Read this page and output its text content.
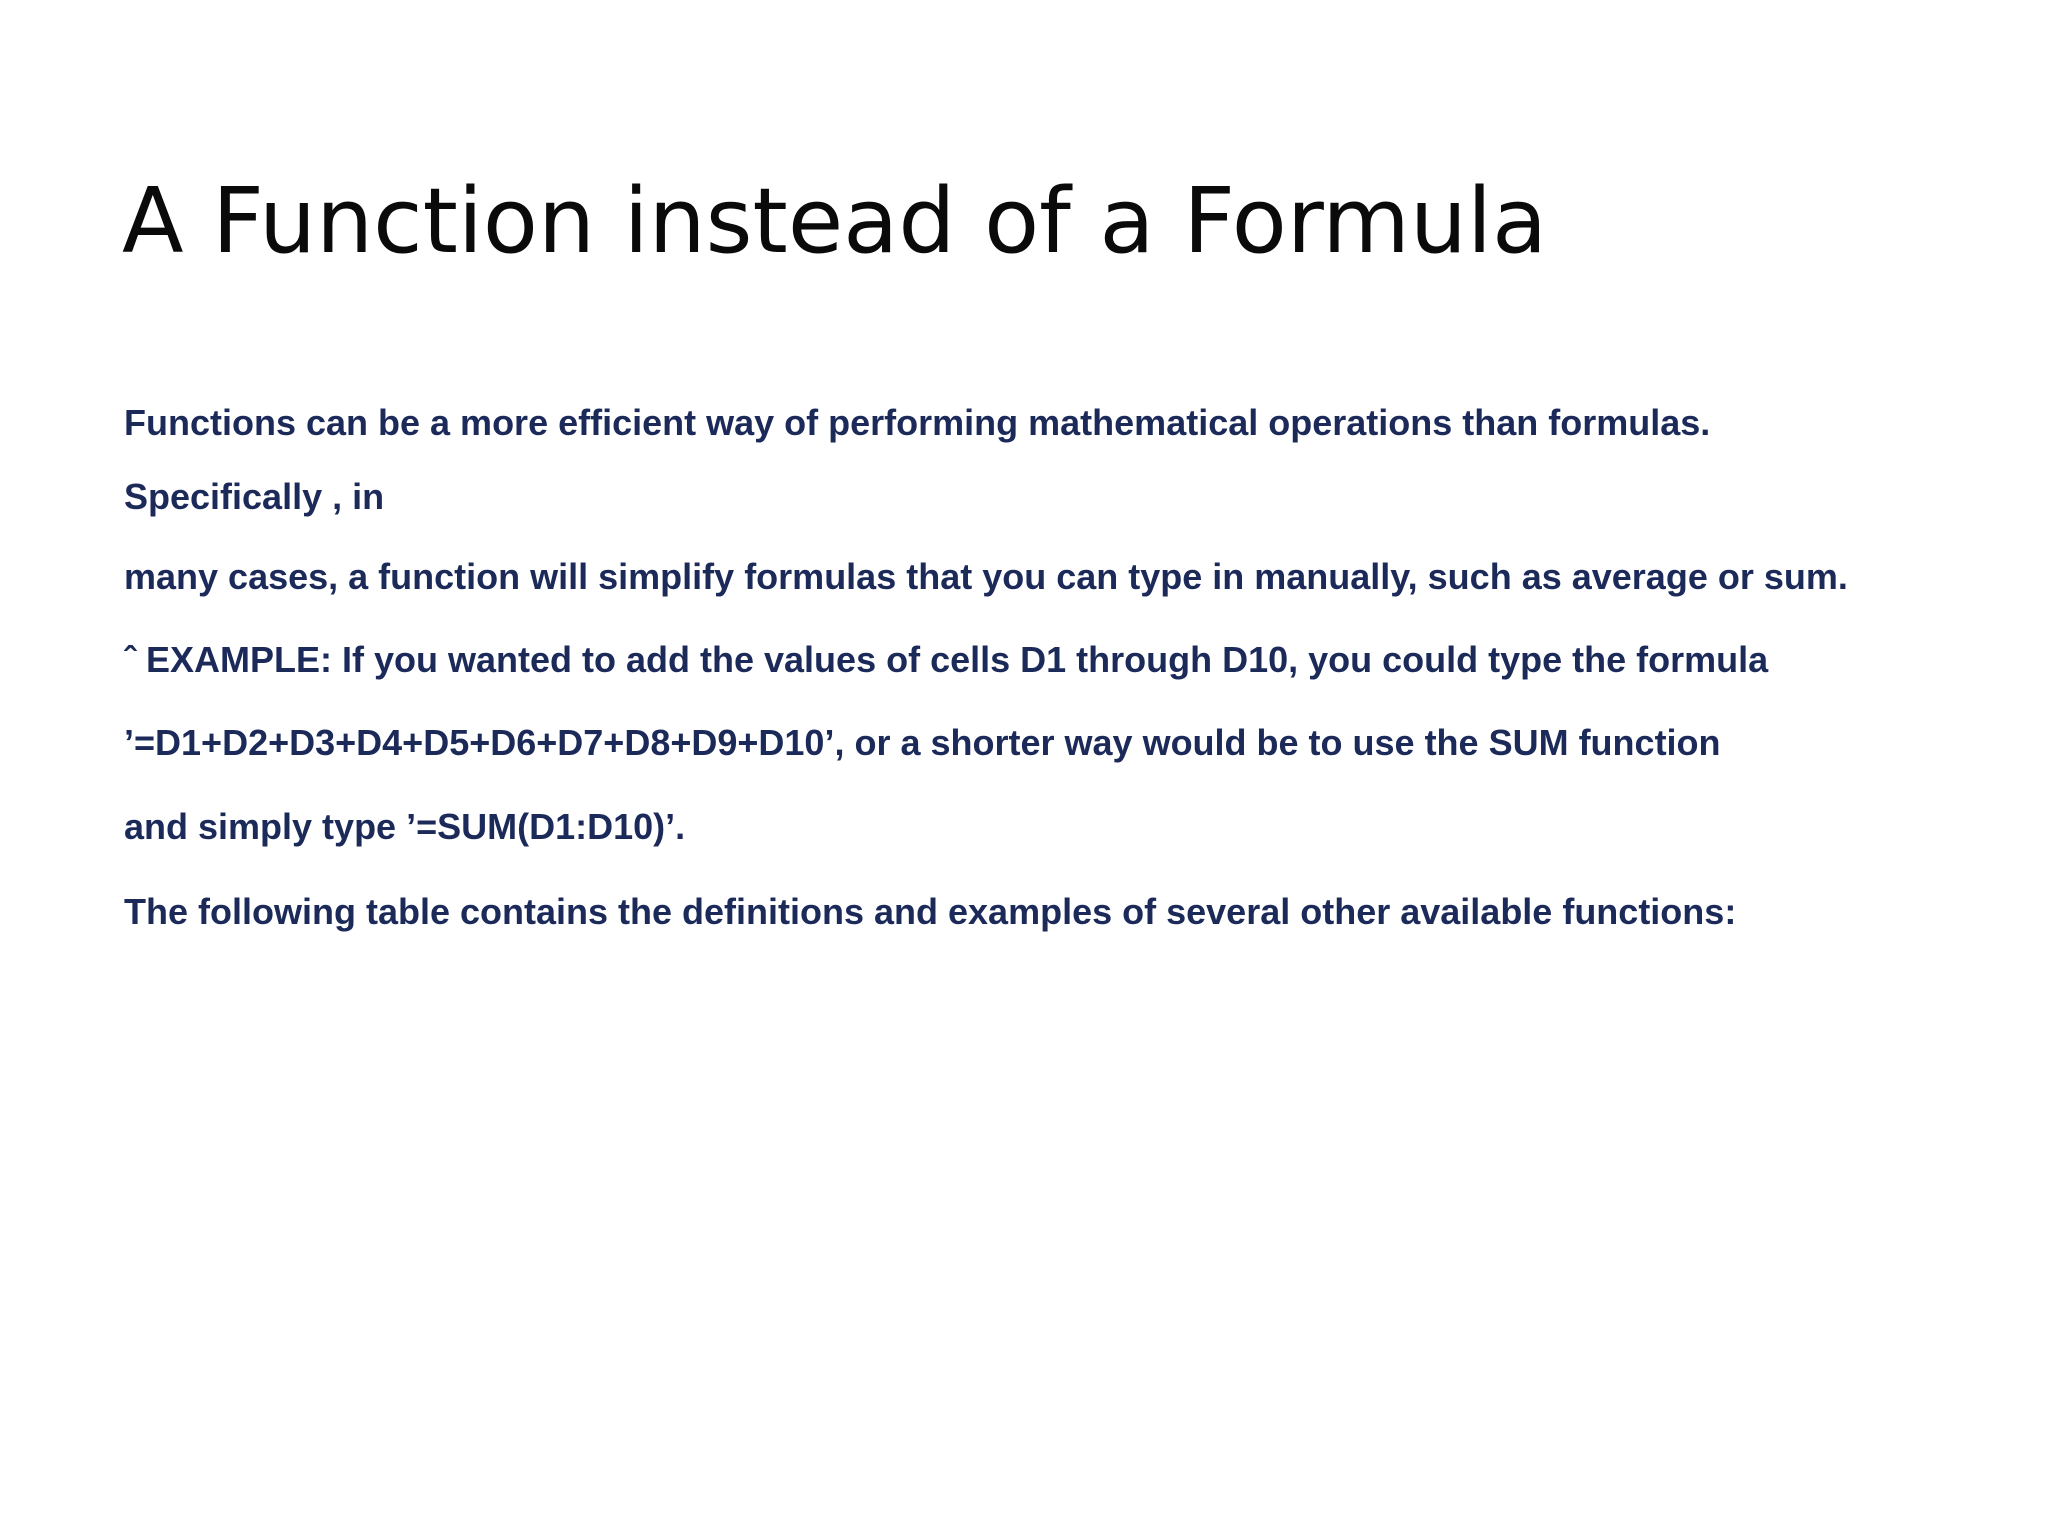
A Function instead of a Formula

Functions can be a more efficient way of performing mathematical operations than formulas.

Specifically , in

many cases, a function will simplify formulas that you can type in manually, such as average or sum.

ˆ EXAMPLE: If you wanted to add the values of cells D1 through D10, you could type the formula

’=D1+D2+D3+D4+D5+D6+D7+D8+D9+D10’, or a shorter way would be to use the SUM function

and simply type ’=SUM(D1:D10)’.

The following table contains the definitions and examples of several other available functions:
